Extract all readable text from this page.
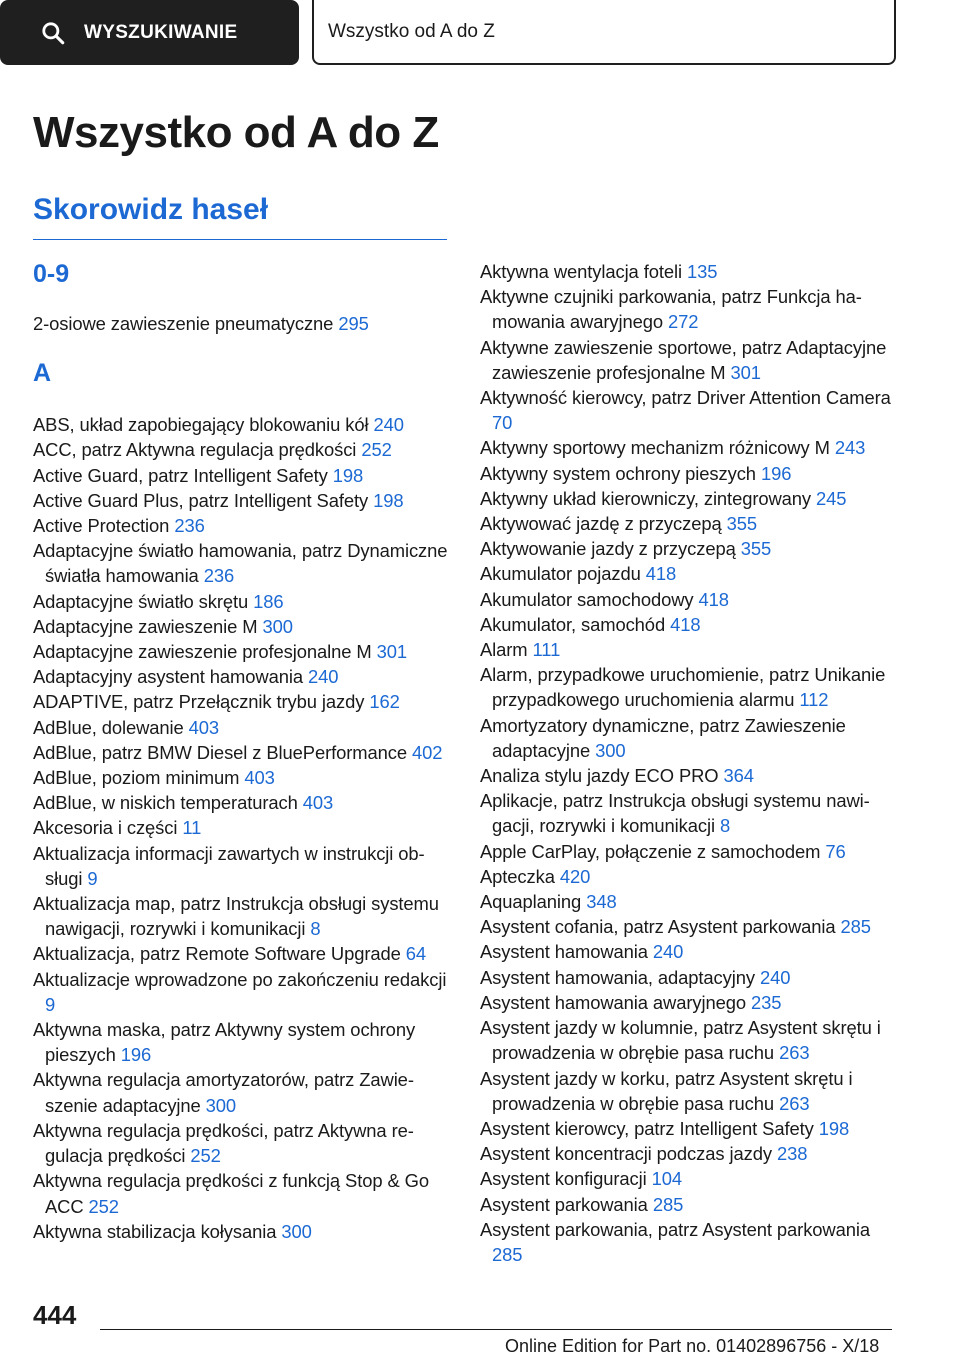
WYSZUKIWANIE	Wszystko od A do Z
Wszystko od A do Z
Skorowidz haseł
0-9
2-osiowe zawieszenie pneumatyczne 295
A
ABS, układ zapobiegający blokowaniu kół 240
ACC, patrz Aktywna regulacja prędkości 252
Active Guard, patrz Intelligent Safety 198
Active Guard Plus, patrz Intelligent Safety 198
Active Protection 236
Adaptacyjne światło hamowania, patrz Dynamiczne światła hamowania 236
Adaptacyjne światło skrętu 186
Adaptacyjne zawieszenie M 300
Adaptacyjne zawieszenie profesjonalne M 301
Adaptacyjny asystent hamowania 240
ADAPTIVE, patrz Przełącznik trybu jazdy 162
AdBlue, dolewanie 403
AdBlue, patrz BMW Diesel z BluePerformance 402
AdBlue, poziom minimum 403
AdBlue, w niskich temperaturach 403
Akcesoria i części 11
Aktualizacja informacji zawartych w instrukcji obsługi 9
Aktualizacja map, patrz Instrukcja obsługi systemu nawigacji, rozrywki i komunikacji 8
Aktualizacja, patrz Remote Software Upgrade 64
Aktualizacje wprowadzone po zakończeniu redakcji 9
Aktywna maska, patrz Aktywny system ochrony pieszych 196
Aktywna regulacja amortyzatorów, patrz Zawieszenie adaptacyjne 300
Aktywna regulacja prędkości, patrz Aktywna regulacja prędkości 252
Aktywna regulacja prędkości z funkcją Stop & Go ACC 252
Aktywna stabilizacja kołysania 300
Aktywna wentylacja foteli 135
Aktywne czujniki parkowania, patrz Funkcja hamowania awaryjnego 272
Aktywne zawieszenie sportowe, patrz Adaptacyjne zawieszenie profesjonalne M 301
Aktywność kierowcy, patrz Driver Attention Camera 70
Aktywny sportowy mechanizm różnicowy M 243
Aktywny system ochrony pieszych 196
Aktywny układ kierowniczy, zintegrowany 245
Aktywować jazdę z przyczepą 355
Aktywowanie jazdy z przyczepą 355
Akumulator pojazdu 418
Akumulator samochodowy 418
Akumulator, samochód 418
Alarm 111
Alarm, przypadkowe uruchomienie, patrz Unikanie przypadkowego uruchomienia alarmu 112
Amortyzatory dynamiczne, patrz Zawieszenie adaptacyjne 300
Analiza stylu jazdy ECO PRO 364
Aplikacje, patrz Instrukcja obsługi systemu nawigacji, rozrywki i komunikacji 8
Apple CarPlay, połączenie z samochodem 76
Apteczka 420
Aquaplaning 348
Asystent cofania, patrz Asystent parkowania 285
Asystent hamowania 240
Asystent hamowania, adaptacyjny 240
Asystent hamowania awaryjnego 235
Asystent jazdy w kolumnie, patrz Asystent skrętu i prowadzenia w obrębie pasa ruchu 263
Asystent jazdy w korku, patrz Asystent skrętu i prowadzenia w obrębie pasa ruchu 263
Asystent kierowcy, patrz Intelligent Safety 198
Asystent koncentracji podczas jazdy 238
Asystent konfiguracji 104
Asystent parkowania 285
Asystent parkowania, patrz Asystent parkowania 285
444
Online Edition for Part no. 01402896756 - X/18
